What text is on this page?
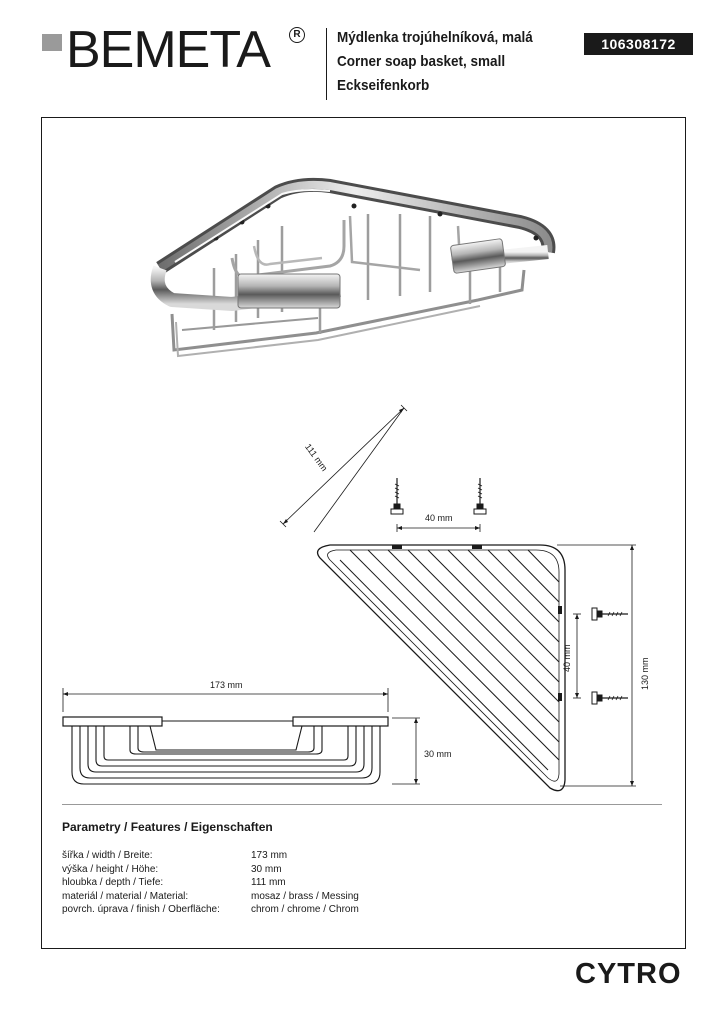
BEMETA	R Mýdlenka trojúhelníková, malá
Corner soap basket, small
Eckseifenkorb
106308172
111 mm
40 mm
40 mm	130 mm
173 mm
30 mm
Parametry / Features / Eigenschaften
šířka / width / Breite:	173 mm
výška / height / Höhe:	30 mm
hloubka / depth / Tiefe:	111 mm
materiál / material / Material:	mosaz / brass / Messing
povrch. úprava / finish / Oberfläche:	chrom / chrome / Chrom
CYTRO
